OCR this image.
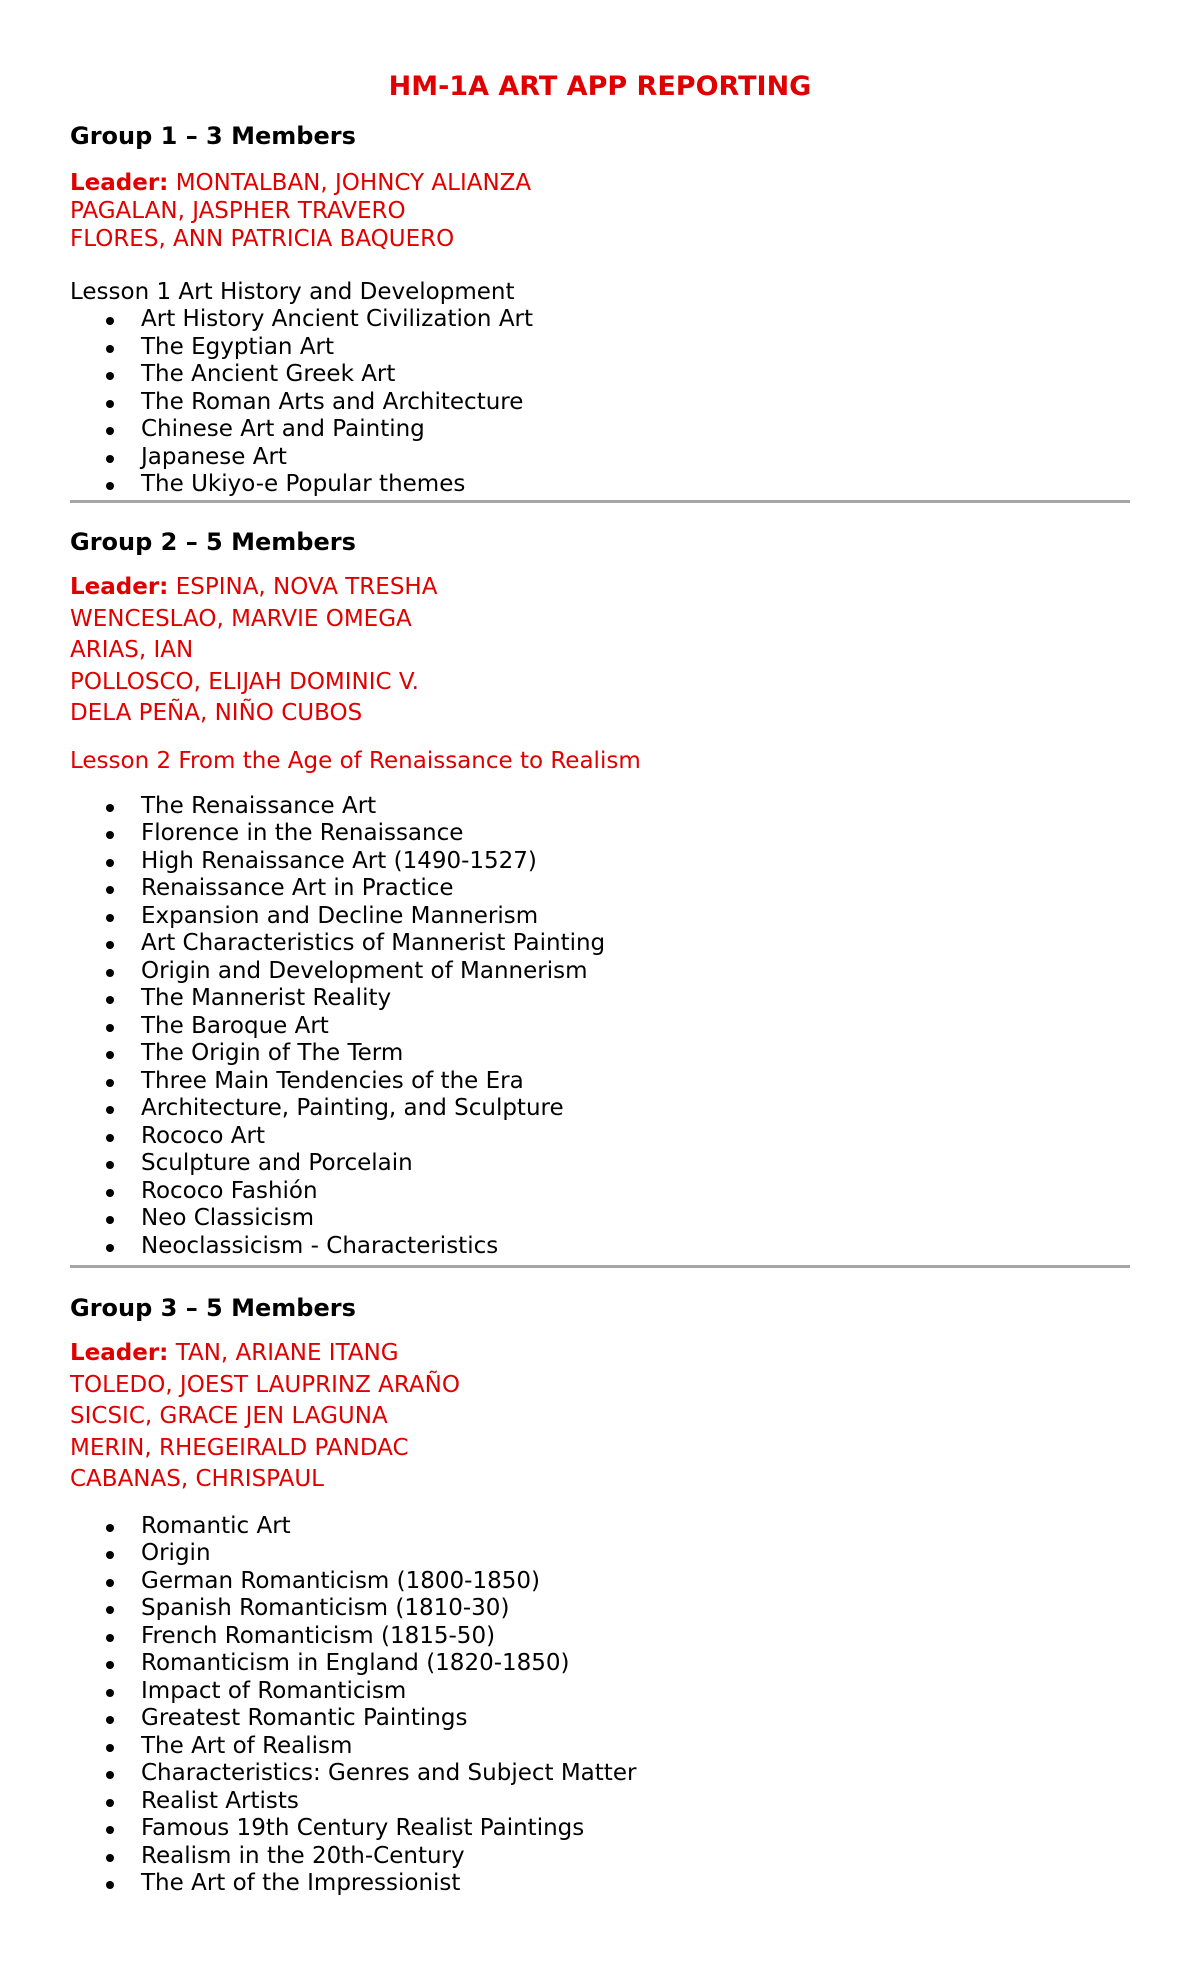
HM-1A ART APP REPORTING

Group 1 – 3 Members

Leader: MONTALBAN, JOHNCY ALIANZA
PAGALAN, JASPHER TRAVERO
FLORES, ANN PATRICIA BAQUERO

Lesson 1 Art History and Development

Art History Ancient Civilization Art
The Egyptian Art
The Ancient Greek Art
The Roman Arts and Architecture
Chinese Art and Painting
Japanese Art
The Ukiyo-e Popular themes

Group 2 – 5 Members

Leader: ESPINA, NOVA TRESHA
WENCESLAO, MARVIE OMEGA
ARIAS, IAN
POLLOSCO, ELIJAH DOMINIC V.
DELA PEÑA, NIÑO CUBOS

Lesson 2 From the Age of Renaissance to Realism

The Renaissance Art
Florence in the Renaissance
High Renaissance Art (1490-1527)
Renaissance Art in Practice
Expansion and Decline Mannerism
Art Characteristics of Mannerist Painting
Origin and Development of Mannerism
The Mannerist Reality
The Baroque Art
The Origin of The Term
Three Main Tendencies of the Era
Architecture, Painting, and Sculpture
Rococo Art
Sculpture and Porcelain
Rococo Fashión
Neo Classicism
Neoclassicism - Characteristics

Group 3 – 5 Members

Leader: TAN, ARIANE ITANG
TOLEDO, JOEST LAUPRINZ ARAÑO
SICSIC, GRACE JEN LAGUNA
MERIN, RHEGEIRALD PANDAC
CABANAS, CHRISPAUL
Romantic Art
Origin
German Romanticism (1800-1850)
Spanish Romanticism (1810-30)
French Romanticism (1815-50)
Romanticism in England (1820-1850)
Impact of Romanticism
Greatest Romantic Paintings
The Art of Realism
Characteristics: Genres and Subject Matter
Realist Artists
Famous 19th Century Realist Paintings
Realism in the 20th-Century
The Art of the Impressionist
